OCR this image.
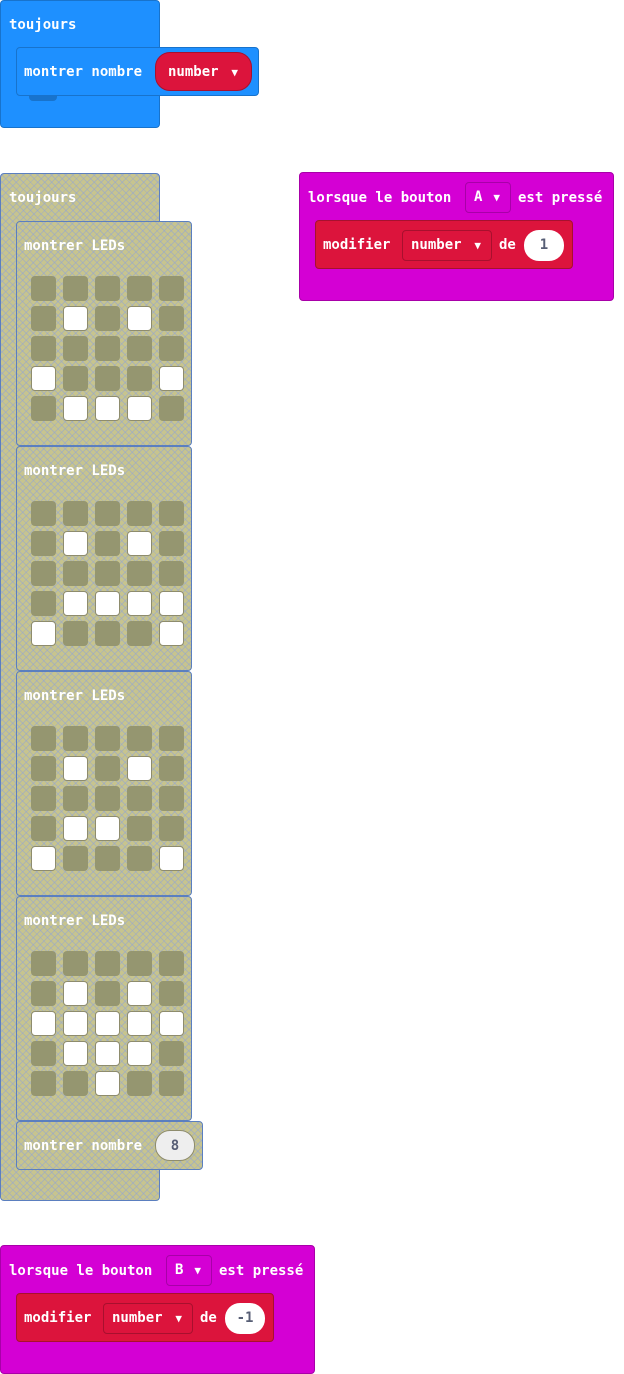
toujours
montrer nombre	number ▼
toujours
montrer LEDs
montrer LEDs
montrer LEDs
montrer LEDs
montrer nombre	8
lorsque le bouton	A ▼ est pressé
modifier	number ▼ de	1
lorsque le bouton	B ▼ est pressé
modifier	number ▼ de	-1
